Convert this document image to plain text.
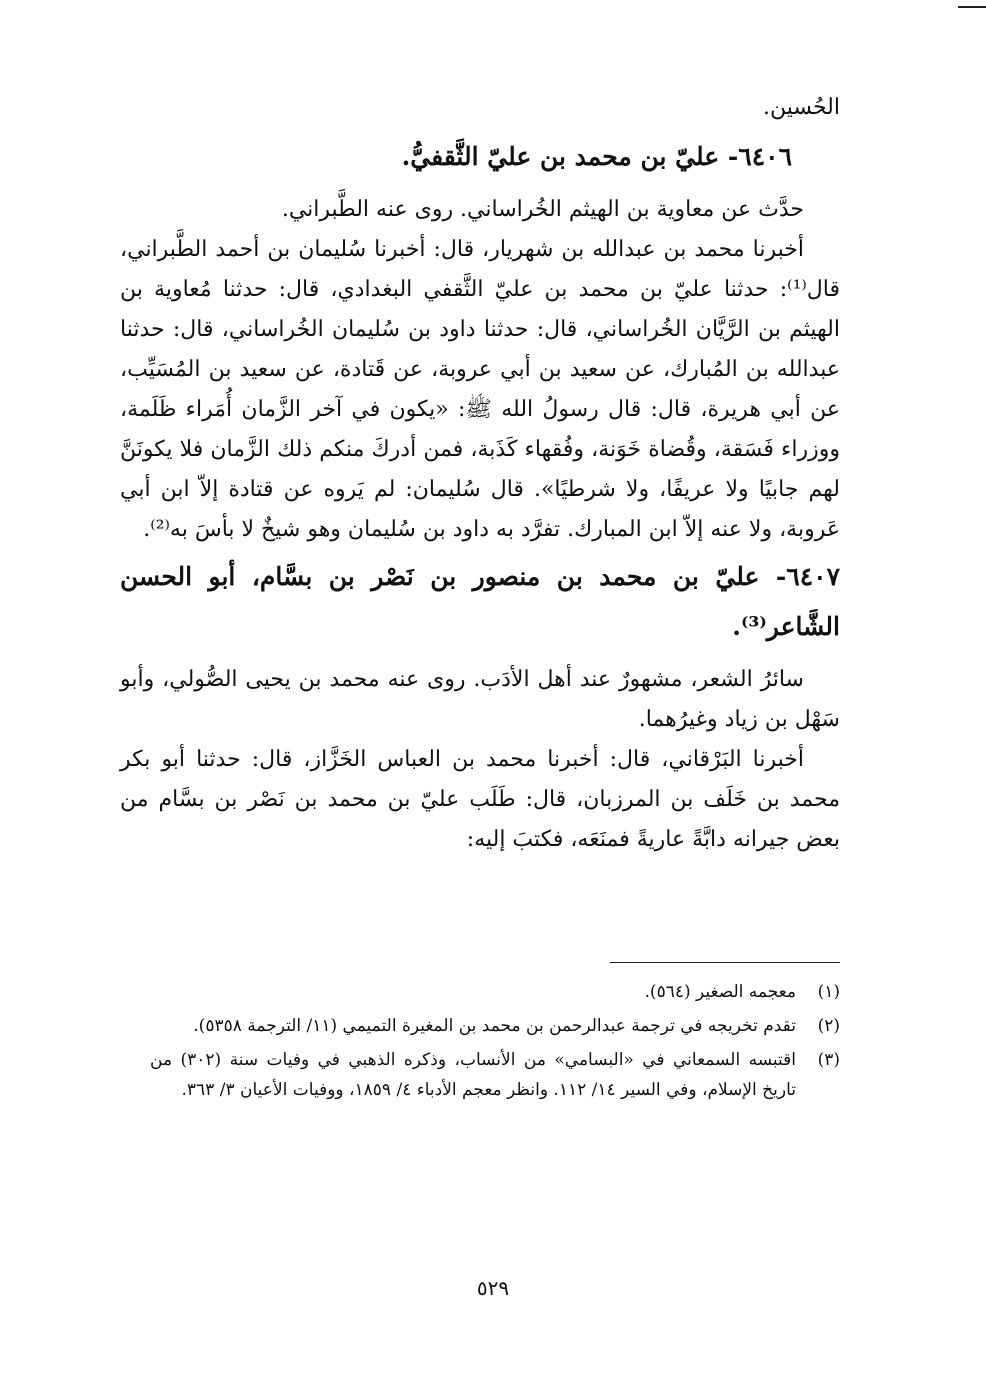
الحُسين.

٦٤٠٦- عليّ بن محمد بن عليّ الثَّقفيُّ.

حدَّث عن معاوية بن الهيثم الخُراساني. روى عنه الطَّبراني.

أخبرنا محمد بن عبدالله بن شهريار، قال: أخبرنا سُليمان بن أحمد الطَّبراني، قال⁽¹⁾: حدثنا عليّ بن محمد بن عليّ الثَّقفي البغدادي، قال: حدثنا مُعاوية بن الهيثم بن الرَّيَّان الخُراساني، قال: حدثنا داود بن سُليمان الخُراساني، قال: حدثنا عبدالله بن المُبارك، عن سعيد بن أبي عروبة، عن قَتادة، عن سعيد بن المُسَيِّب، عن أبي هريرة، قال: قال رسولُ الله ﷺ: «يكون في آخر الزَّمان أُمَراء ظَلَمة، ووزراء فَسَقة، وقُضاة خَوَنة، وفُقهاء كَذَبة، فمن أدركَ منكم ذلك الزَّمان فلا يكونَنَّ لهم جابيًا ولا عريفًا، ولا شرطيًا». قال سُليمان: لم يَروه عن قتادة إلاّ ابن أبي عَروبة، ولا عنه إلاّ ابن المبارك. تفرَّد به داود بن سُليمان وهو شيخٌ لا بأسَ به⁽²⁾.

٦٤٠٧- عليّ بن محمد بن منصور بن نَصْر بن بسَّام، أبو الحسن الشَّاعر⁽³⁾.

سائرُ الشعر، مشهورٌ عند أهل الأدَب. روى عنه محمد بن يحيى الصُّولي، وأبو سَهْل بن زياد وغيرُهما.

أخبرنا البَرْقاني، قال: أخبرنا محمد بن العباس الخَزَّاز، قال: حدثنا أبو بكر محمد بن خَلَف بن المرزبان، قال: طَلَب عليّ بن محمد بن نَصْر بن بسَّام من بعض جيرانه دابَّةً عاريةً فمنَعَه، فكتبَ إليه:

(١)
معجمه الصغير (٥٦٤).
(٢)
تقدم تخريجه في ترجمة عبدالرحمن بن محمد بن المغيرة التميمي (١١/ الترجمة ٥٣٥٨).
(٣)
اقتبسه السمعاني في «البسامي» من الأنساب، وذكره الذهبي في وفيات سنة (٣٠٢) من تاريخ الإسلام، وفي السير ١٤/ ١١٢. وانظر معجم الأدباء ٤/ ١٨٥٩، ووفيات الأعيان ٣/ ٣٦٣.
٥٢٩
